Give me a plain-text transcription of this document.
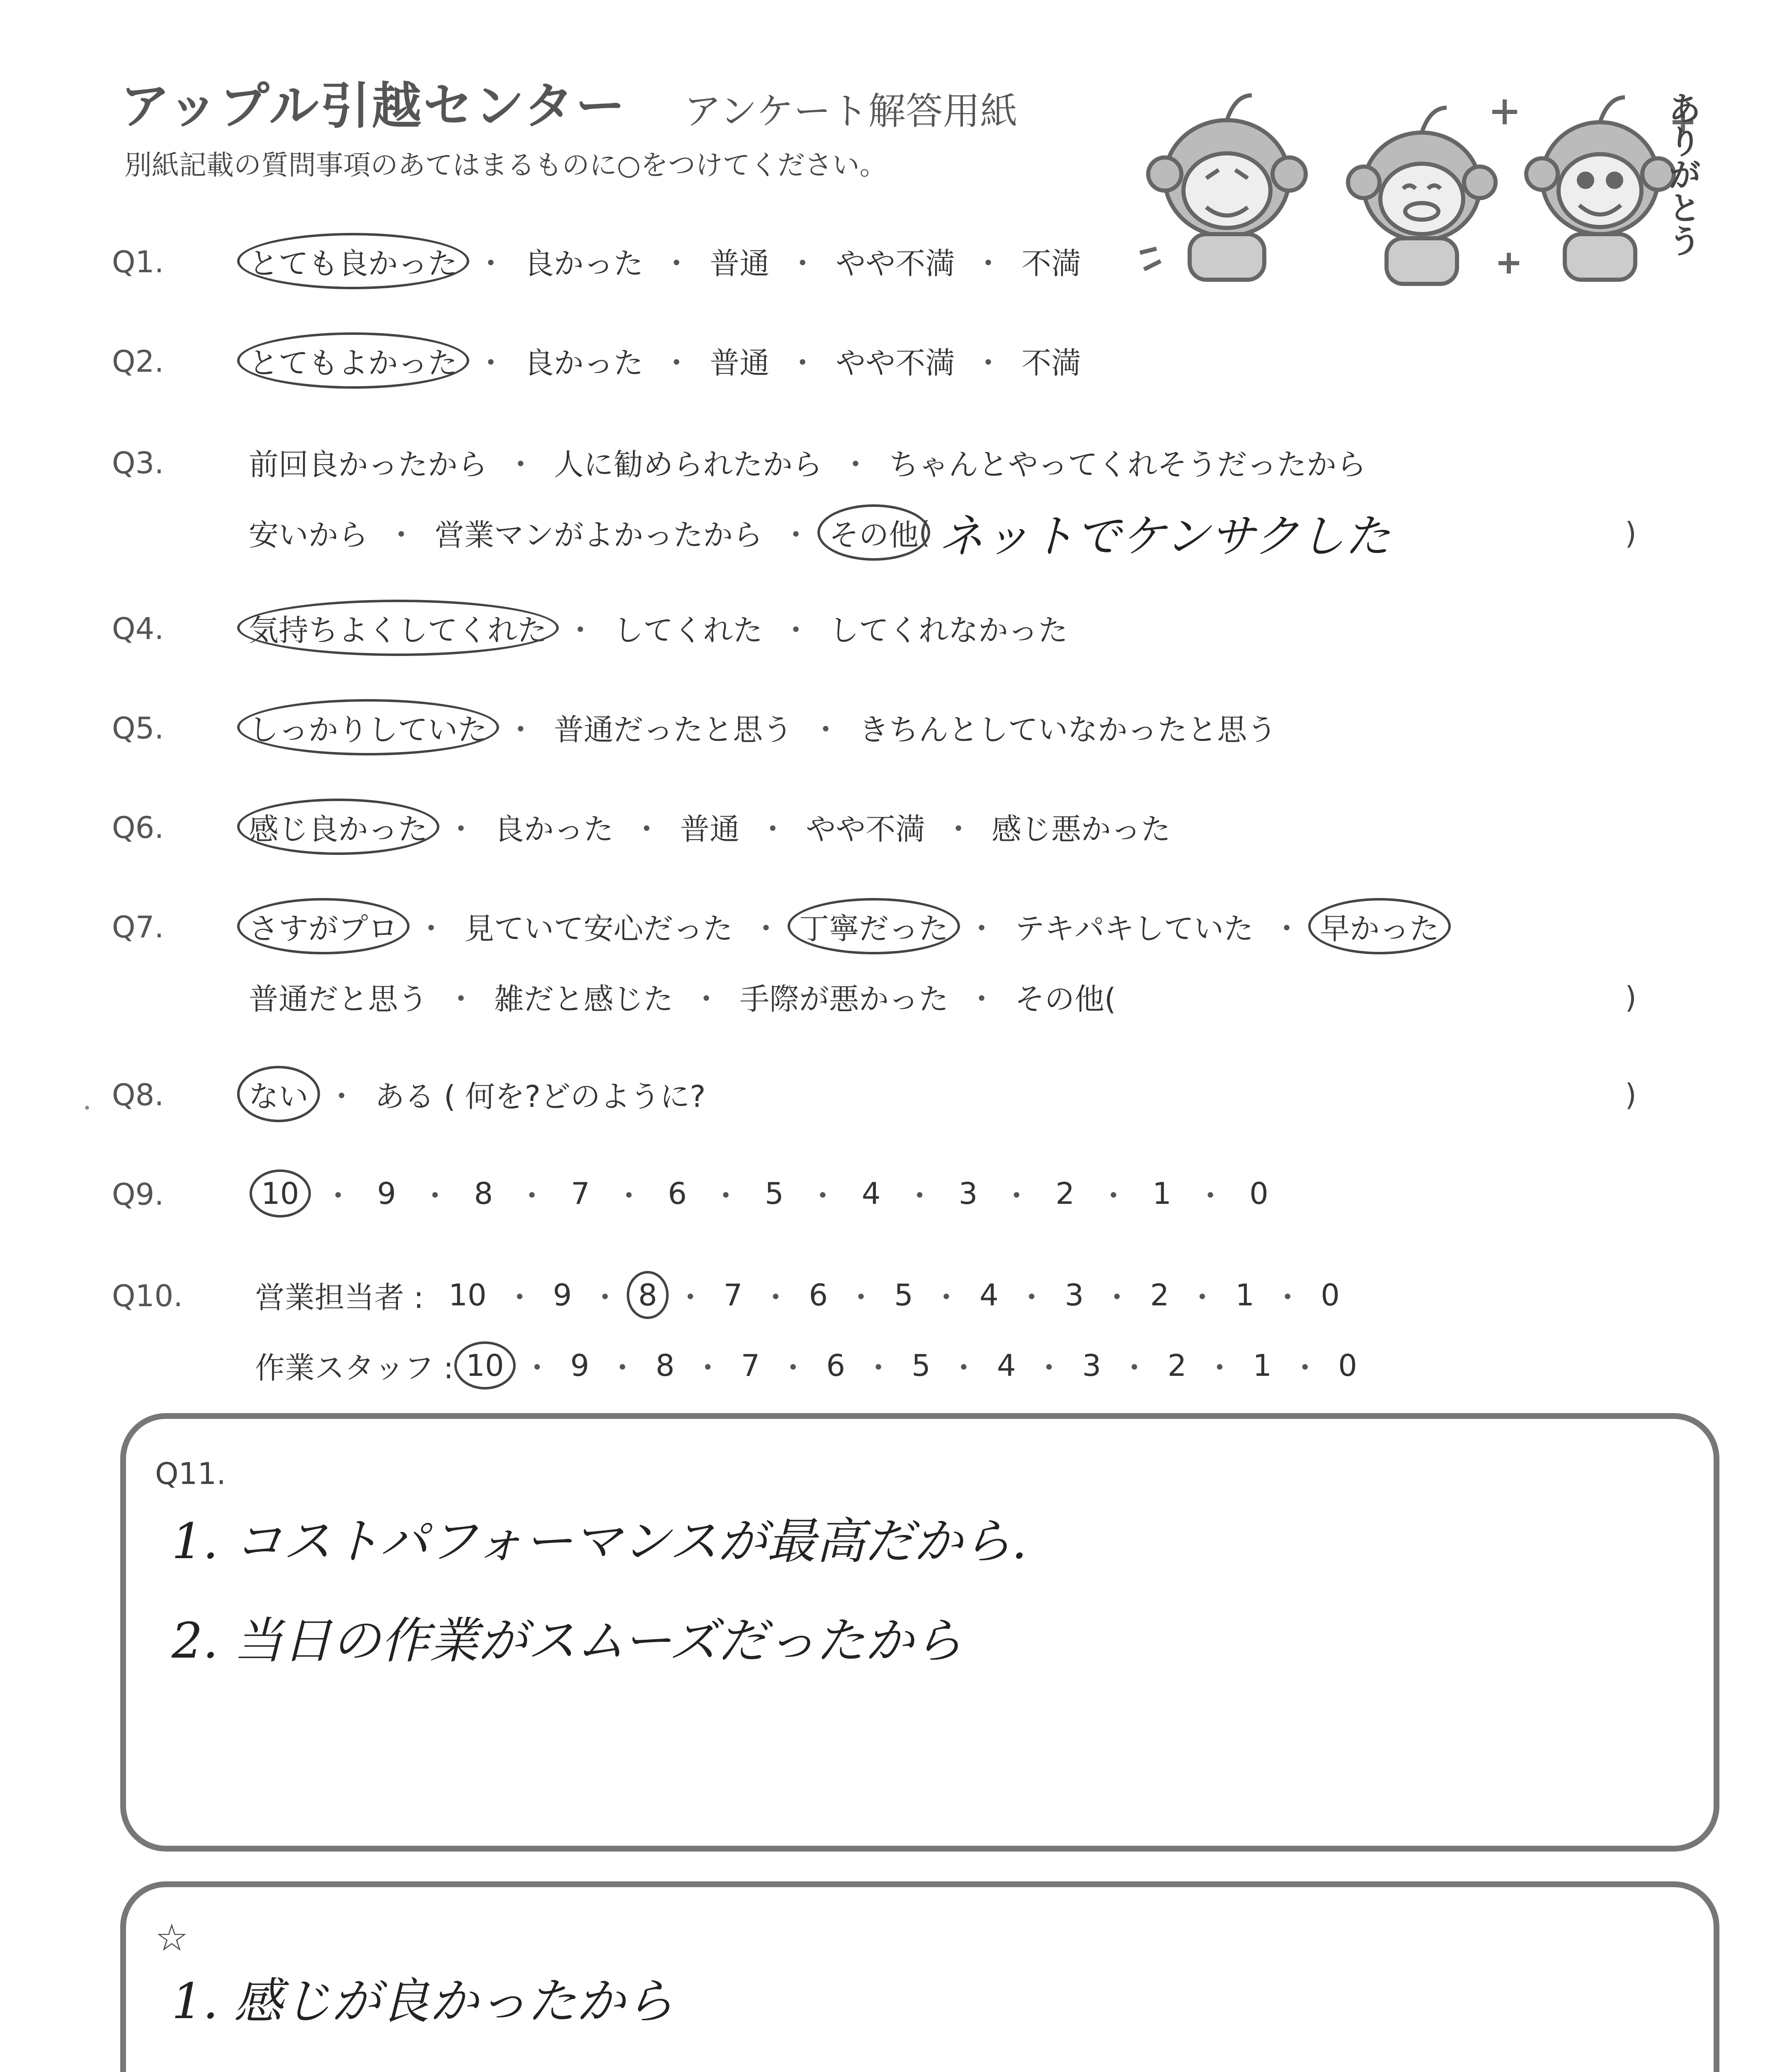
アップル引越センター アンケート解答用紙
別紙記載の質問事項のあてはまるものに○をつけてください。	ありがとう
Q1.	とても良かった ・ 良かった ・ 普通 ・ やや不満 ・ 不満
Q2.	とてもよかった ・ 良かった ・ 普通 ・ やや不満 ・ 不満
Q3.	前回良かったから ・ 人に勧められたから ・ ちゃんとやってくれそうだったから
安いから ・ 営業マンがよかったから ・ その他 ( ネットでケンサクした	)
Q4.	気持ちよくしてくれた ・ してくれた ・ してくれなかった
Q5.	しっかりしていた ・ 普通だったと思う ・ きちんとしていなかったと思う
Q6.	感じ良かった ・ 良かった ・ 普通 ・ やや不満 ・ 感じ悪かった
Q7.	さすがプロ ・ 見ていて安心だった ・ 丁寧だった ・ テキパキしていた ・ 早かった
普通だと思う ・ 雑だと感じた ・ 手際が悪かった ・ その他(	)
Q8.	ない ・ ある ( 何を?どのように?	)
・
Q9.	10 ・ 9 ・ 8 ・ 7 ・ 6 ・ 5 ・ 4 ・ 3 ・ 2 ・ 1 ・ 0
Q10. 営業担当者 : 10 ・ 9 ・ 8 ・ 7 ・ 6 ・ 5 ・ 4 ・ 3 ・ 2 ・ 1 ・ 0
作業スタッフ : 10 ・ 9 ・ 8 ・ 7 ・ 6 ・ 5 ・ 4 ・ 3 ・ 2 ・ 1 ・ 0
Q11.
1. コストパフォーマンスが最高だから.
2. 当日の作業がスムーズだったから
☆
1. 感じが良かったから
